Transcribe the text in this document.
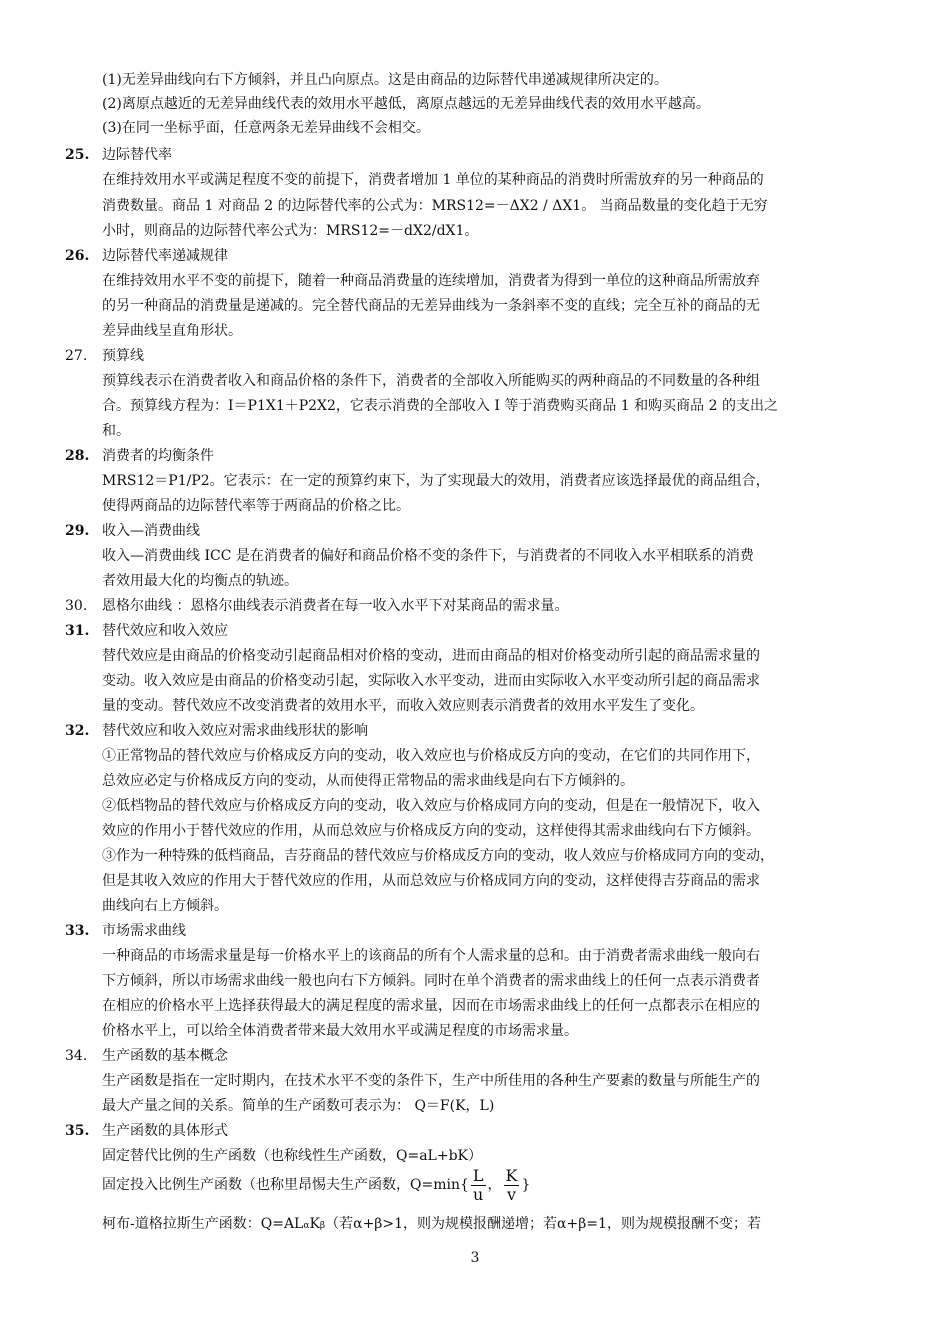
(1)无差异曲线向右下方倾斜，并且凸向原点。这是由商品的边际替代串递减规律所决定的。
(2)离原点越近的无差异曲线代表的效用水平越低，离原点越远的无差异曲线代表的效用水平越高。
(3)在同一坐标乎面，任意两条无差异曲线不会相交。
25. 边际替代率
在维持效用水平或满足程度不变的前提下，消费者增加 1 单位的某种商品的消费时所需放弃的另一种商品的
消费数量。商品 1 对商品 2 的边际替代率的公式为：MRS12=－ΔX2 / ΔX1。 当商品数量的变化趋于无穷
小时，则商品的边际替代率公式为：MRS12=－dX2/dX1。
26. 边际替代率递减规律
在维持效用水平不变的前提下，随着一种商品消费量的连续增加，消费者为得到一单位的这种商品所需放弃
的另一种商品的消费量是递减的。完全替代商品的无差异曲线为一条斜率不变的直线；完全互补的商品的无
差异曲线呈直角形状。
27.	预算线
预算线表示在消费者收入和商品价格的条件下，消费者的全部收入所能购买的两种商品的不同数量的各种组
合。预算线方程为：I＝P1X1＋P2X2，它表示消费的全部收入 I 等于消费购买商品 1 和购买商品 2 的支出之
和。
28. 消费者的均衡条件
MRS12＝P1/P2。它表示：在一定的预算约束下，为了实现最大的效用，消费者应该选择最优的商品组合，
使得两商品的边际替代率等于两商品的价格之比。
29. 收入—消费曲线
收入—消费曲线 ICC 是在消费者的偏好和商品价格不变的条件下，与消费者的不同收入水平相联系的消费
者效用最大化的均衡点的轨迹。
30.	恩格尔曲线 ：恩格尔曲线表示消费者在每一收入水平下对某商品的需求量。
31. 替代效应和收入效应
替代效应是由商品的价格变动引起商品相对价格的变动，进而由商品的相对价格变动所引起的商品需求量的
变动。收入效应是由商品的价格变动引起，实际收入水平变动，进而由实际收入水平变动所引起的商品需求
量的变动。替代效应不改变消费者的效用水平，而收入效应则表示消费者的效用水平发生了变化。
32. 替代效应和收入效应对需求曲线形状的影响
①正常物品的替代效应与价格成反方向的变动，收入效应也与价格成反方向的变动，在它们的共同作用下，
总效应必定与价格成反方向的变动，从而使得正常物品的需求曲线是向右下方倾斜的。
②低档物品的替代效应与价格成反方向的变动，收入效应与价格成同方向的变动，但是在一般情况下，收入
效应的作用小于替代效应的作用，从而总效应与价格成反方向的变动，这样使得其需求曲线向右下方倾斜。
③作为一种特殊的低档商品，吉芬商品的替代效应与价格成反方向的变动，收人效应与价格成同方向的变动，
但是其收入效应的作用大于替代效应的作用，从而总效应与价格成同方向的变动，这样使得吉芬商品的需求
曲线向右上方倾斜。
33. 市场需求曲线
一种商品的市场需求量是每一价格水平上的该商品的所有个人需求量的总和。由于消费者需求曲线一般向右
下方倾斜，所以市场需求曲线一般也向右下方倾斜。同时在单个消费者的需求曲线上的任何一点表示消费者
在相应的价格水平上选择获得最大的满足程度的需求量，因而在市场需求曲线上的任何一点都表示在相应的
价格水平上，可以给全体消费者带来最大效用水平或满足程度的市场需求量。
34.	生产函数的基本概念
生产函数是指在一定时期内，在技术水平不变的条件下，生产中所佳用的各种生产要素的数量与所能生产的
最大产量之间的关系。简单的生产函数可表示为： Q＝F(K，L)
35. 生产函数的具体形式
固定替代比例的生产函数（也称线性生产函数，Q=aL+bK）
固定投入比例生产函数（也称里昂惕夫生产函数，$Q=\min\{ \frac{L}{u}$ ， $\frac{K}{v}$ }
柯布-道格拉斯生产函数：Q=ALαKβ（若α+β>1，则为规模报酬递增；若α+β=1，则为规模报酬不变；若
3
